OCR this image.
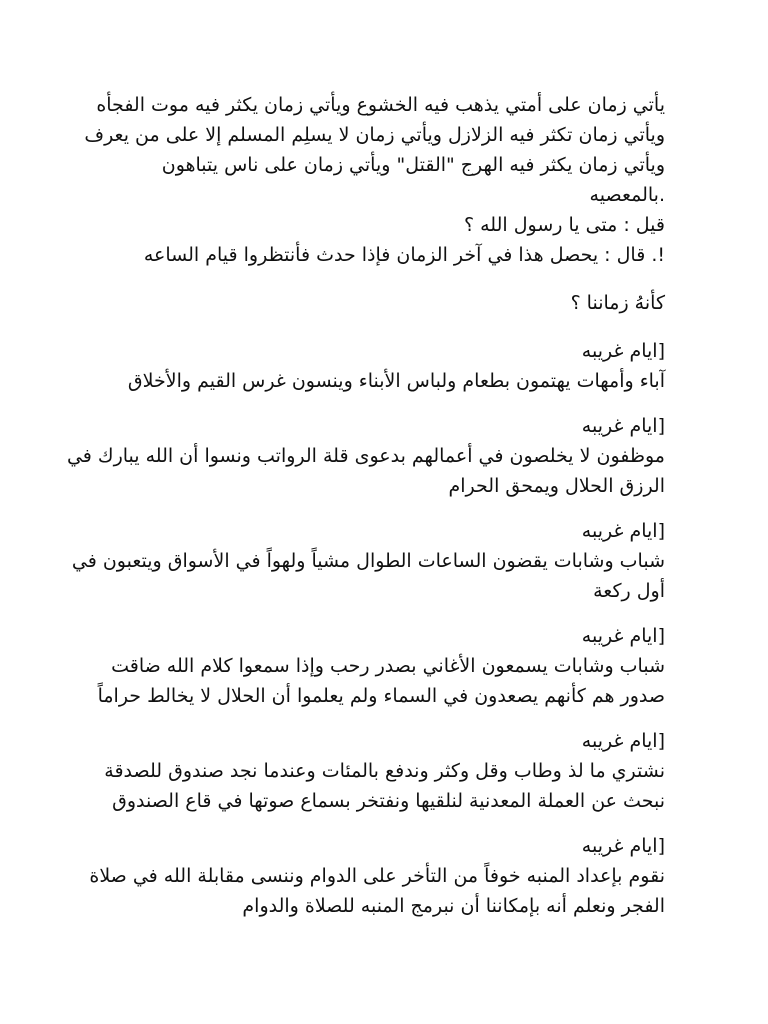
يأتي زمان على أمتي يذهب فيه الخشوع ويأتي زمان يكثر فيه موت الفجأه
ويأتي زمان تكثر فيه الزلازل ويأتي زمان لا يسلِم المسلم إلا على من يعرف
ويأتي زمان يكثر فيه الهرج "القتل" ويأتي زمان على ناس يتباهون
.بالمعصيه
قيل : متى يا رسول الله ؟
!. قال : يحصل هذا في آخر الزمان فإذا حدث فأنتظروا قيام الساعه
كأنهُ زماننا ؟
[ايام غريبه
آباء وأمهات يهتمون بطعام ولباس الأبناء وينسون غرس القيم والأخلاق
[ايام غريبه
موظفون لا يخلصون في أعمالهم بدعوى قلة الرواتب ونسوا أن الله يبارك في
الرزق الحلال ويمحق الحرام
[ايام غريبه
شباب وشابات يقضون الساعات الطوال مشياً ولهواً في الأسواق ويتعبون في
أول ركعة
[ايام غريبه
شباب وشابات يسمعون الأغاني بصدر رحب وإذا سمعوا كلام الله ضاقت
صدور هم كأنهم يصعدون في السماء ولم يعلموا أن الحلال لا يخالط حراماً
[ايام غريبه
نشتري ما لذ وطاب وقل وكثر وندفع بالمئات وعندما نجد صندوق للصدقة
نبحث عن العملة المعدنية لنلقيها ونفتخر بسماع صوتها في قاع الصندوق
[ايام غريبه
نقوم بإعداد المنبه خوفاً من التأخر على الدوام وننسى مقابلة الله في صلاة
الفجر ونعلم أنه بإمكاننا أن نبرمج المنبه للصلاة والدوام
